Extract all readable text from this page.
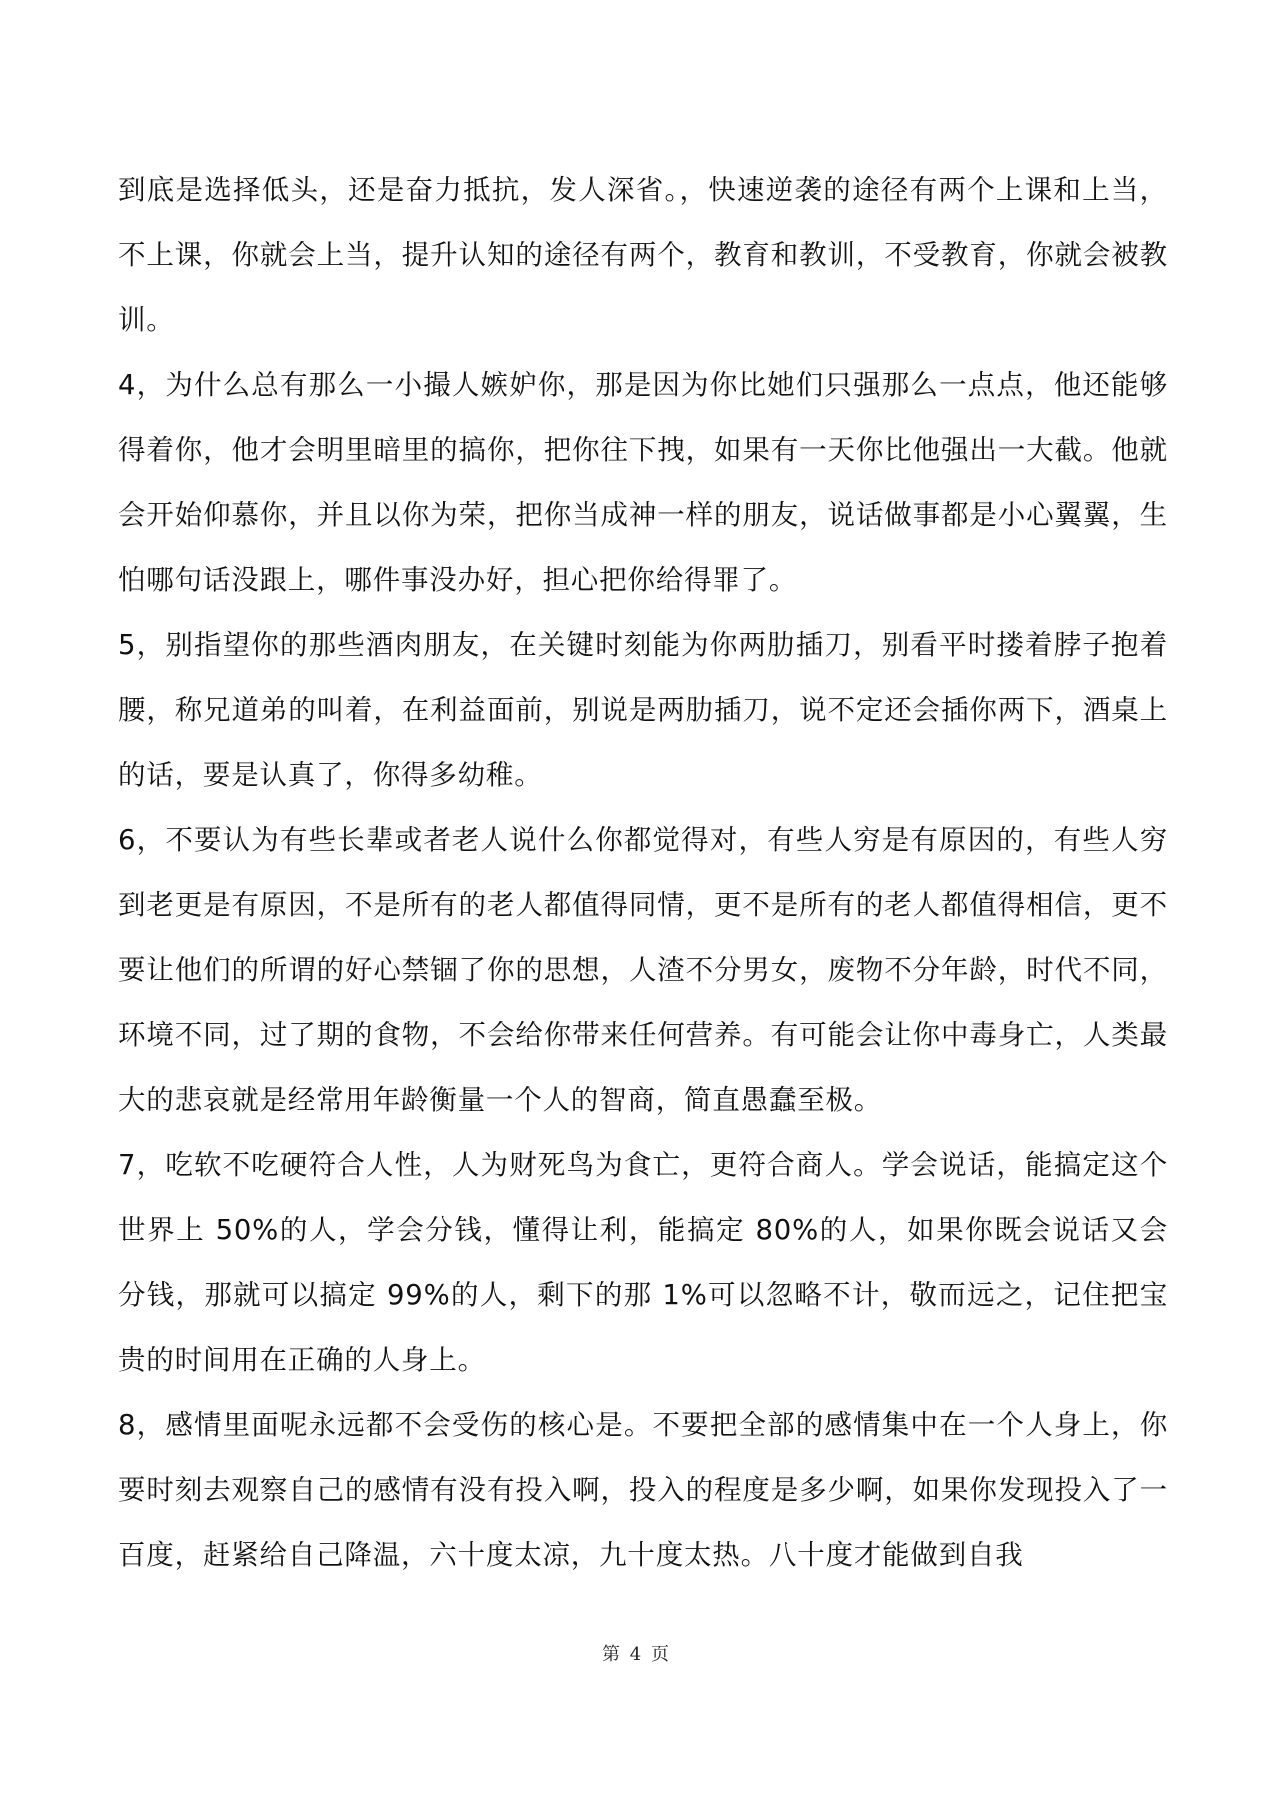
到底是选择低头，还是奋力抵抗，发人深省。，快速逆袭的途径有两个上课和上当，不上课，你就会上当，提升认知的途径有两个，教育和教训，不受教育，你就会被教训。

4，为什么总有那么一小撮人嫉妒你，那是因为你比她们只强那么一点点，他还能够得着你，他才会明里暗里的搞你，把你往下拽，如果有一天你比他强出一大截。他就会开始仰慕你，并且以你为荣，把你当成神一样的朋友，说话做事都是小心翼翼，生怕哪句话没跟上，哪件事没办好，担心把你给得罪了。

5，别指望你的那些酒肉朋友，在关键时刻能为你两肋插刀，别看平时搂着脖子抱着腰，称兄道弟的叫着，在利益面前，别说是两肋插刀，说不定还会插你两下，酒桌上的话，要是认真了，你得多幼稚。

6，不要认为有些长辈或者老人说什么你都觉得对，有些人穷是有原因的，有些人穷到老更是有原因，不是所有的老人都值得同情，更不是所有的老人都值得相信，更不要让他们的所谓的好心禁锢了你的思想，人渣不分男女，废物不分年龄，时代不同，环境不同，过了期的食物，不会给你带来任何营养。有可能会让你中毒身亡，人类最大的悲哀就是经常用年龄衡量一个人的智商，简直愚蠢至极。

7，吃软不吃硬符合人性，人为财死鸟为食亡，更符合商人。学会说话，能搞定这个世界上 50%的人，学会分钱，懂得让利，能搞定 80%的人，如果你既会说话又会分钱，那就可以搞定 99%的人，剩下的那 1%可以忽略不计，敬而远之，记住把宝贵的时间用在正确的人身上。

8，感情里面呢永远都不会受伤的核心是。不要把全部的感情集中在一个人身上，你要时刻去观察自己的感情有没有投入啊，投入的程度是多少啊，如果你发现投入了一百度，赶紧给自己降温，六十度太凉，九十度太热。八十度才能做到自我

第 4 页
